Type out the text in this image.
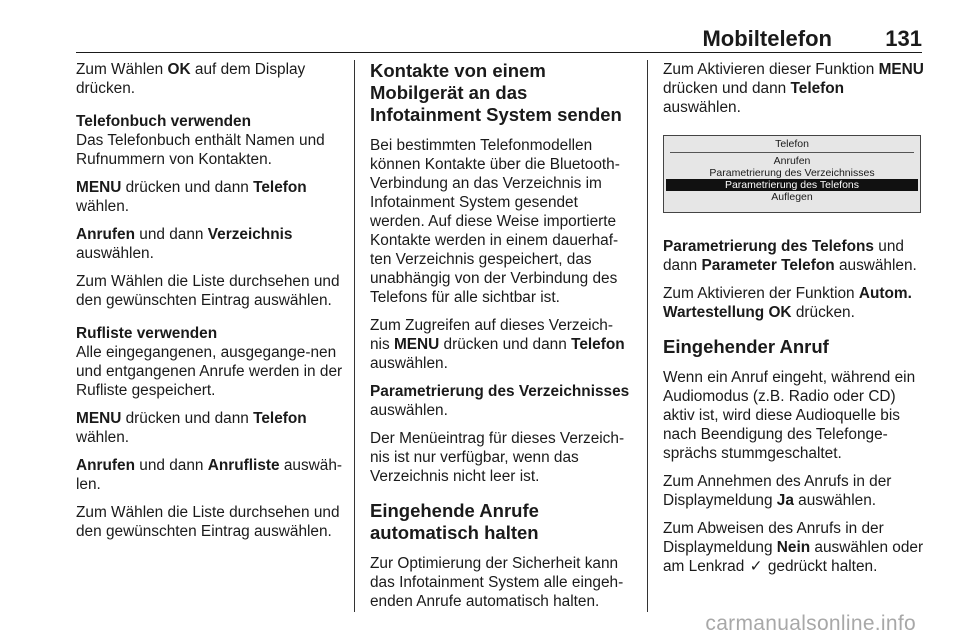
Mobiltelefon 131

Zum Wählen OK auf dem Display drücken.

Telefonbuch verwenden

Das Telefonbuch enthält Namen und Rufnummern von Kontakten.

MENU drücken und dann Telefon wählen.

Anrufen und dann Verzeichnis auswählen.

Zum Wählen die Liste durchsehen und den gewünschten Eintrag auswählen.

Rufliste verwenden

Alle eingegangenen, ausgegange-nen und entgangenen Anrufe werden in der Rufliste gespeichert.

MENU drücken und dann Telefon wählen.

Anrufen und dann Anrufliste auswäh-len.

Zum Wählen die Liste durchsehen und den gewünschten Eintrag auswählen.

Kontakte von einem Mobilgerät an das Infotainment System senden

Bei bestimmten Telefonmodellen können Kontakte über die Bluetooth-Verbindung an das Verzeichnis im Infotainment System gesendet werden. Auf diese Weise importierte Kontakte werden in einem dauerhaf-ten Verzeichnis gespeichert, das unabhängig von der Verbindung des Telefons für alle sichtbar ist.

Zum Zugreifen auf dieses Verzeich-nis MENU drücken und dann Telefon auswählen.

Parametrierung des Verzeichnisses auswählen.

Der Menüeintrag für dieses Verzeich-nis ist nur verfügbar, wenn das Verzeichnis nicht leer ist.

Eingehende Anrufe automatisch halten

Zur Optimierung der Sicherheit kann das Infotainment System alle eingeh-enden Anrufe automatisch halten.

Zum Aktivieren dieser Funktion MENU drücken und dann Telefon auswählen.

Telefon
Anrufen
Parametrierung des Verzeichnisses
Parametrierung des Telefons
Auflegen

Parametrierung des Telefons und dann Parameter Telefon auswählen.

Zum Aktivieren der Funktion Autom. Wartestellung OK drücken.

Eingehender Anruf

Wenn ein Anruf eingeht, während ein Audiomodus (z.B. Radio oder CD) aktiv ist, wird diese Audioquelle bis nach Beendigung des Telefonge-sprächs stummgeschaltet.

Zum Annehmen des Anrufs in der Displaymeldung Ja auswählen.

Zum Abweisen des Anrufs in der Displaymeldung Nein auswählen oder am Lenkrad ✓ gedrückt halten.

carmanualsonline.info
